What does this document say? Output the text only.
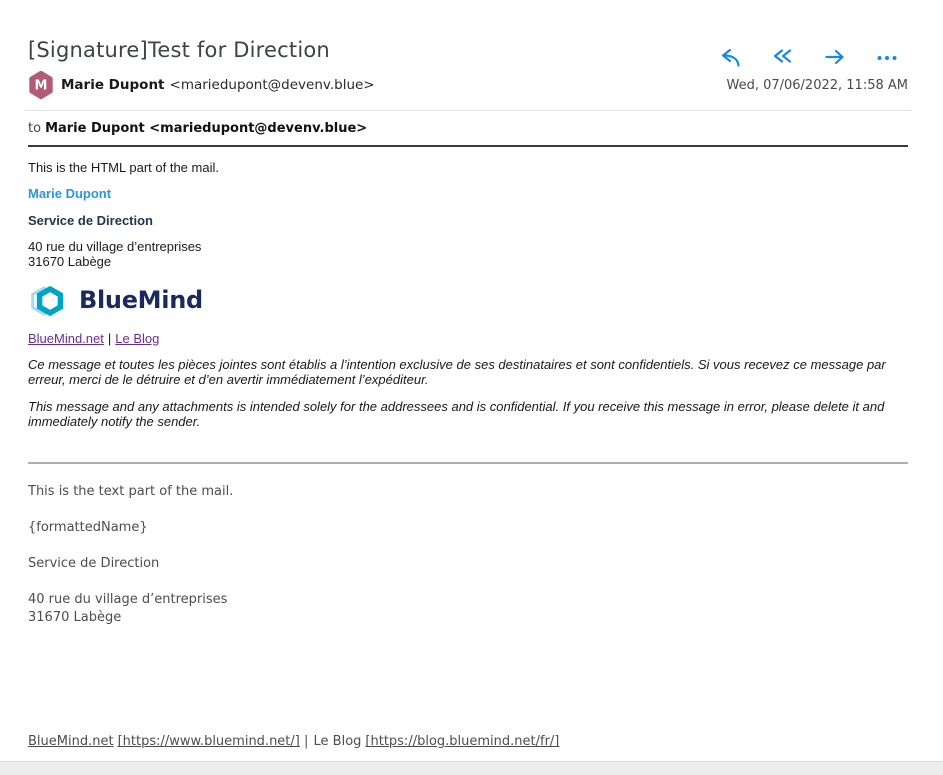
[Signature]Test for Direction
M Marie Dupont <mariedupont@devenv.blue>	Wed, 07/06/2022, 11:58 AM
to Marie Dupont <mariedupont@devenv.blue>

This is the HTML part of the mail.

Marie Dupont

Service de Direction

40 rue du village d’entreprises
31670 Labège

BlueMind

BlueMind.net | Le Blog

Ce message et toutes les pièces jointes sont établis a l’intention exclusive de ses destinataires et sont confidentiels. Si vous recevez ce message par erreur, merci de le détruire et d’en avertir immédiatement l’expéditeur.

This message and any attachments is intended solely for the addressees and is confidential. If you receive this message in error, please delete it and immediately notify the sender.

This is the text part of the mail.

{formattedName}

Service de Direction

40 rue du village d’entreprises
31670 Labège

BlueMind.net [https://www.bluemind.net/] | Le Blog [https://blog.bluemind.net/fr/]
